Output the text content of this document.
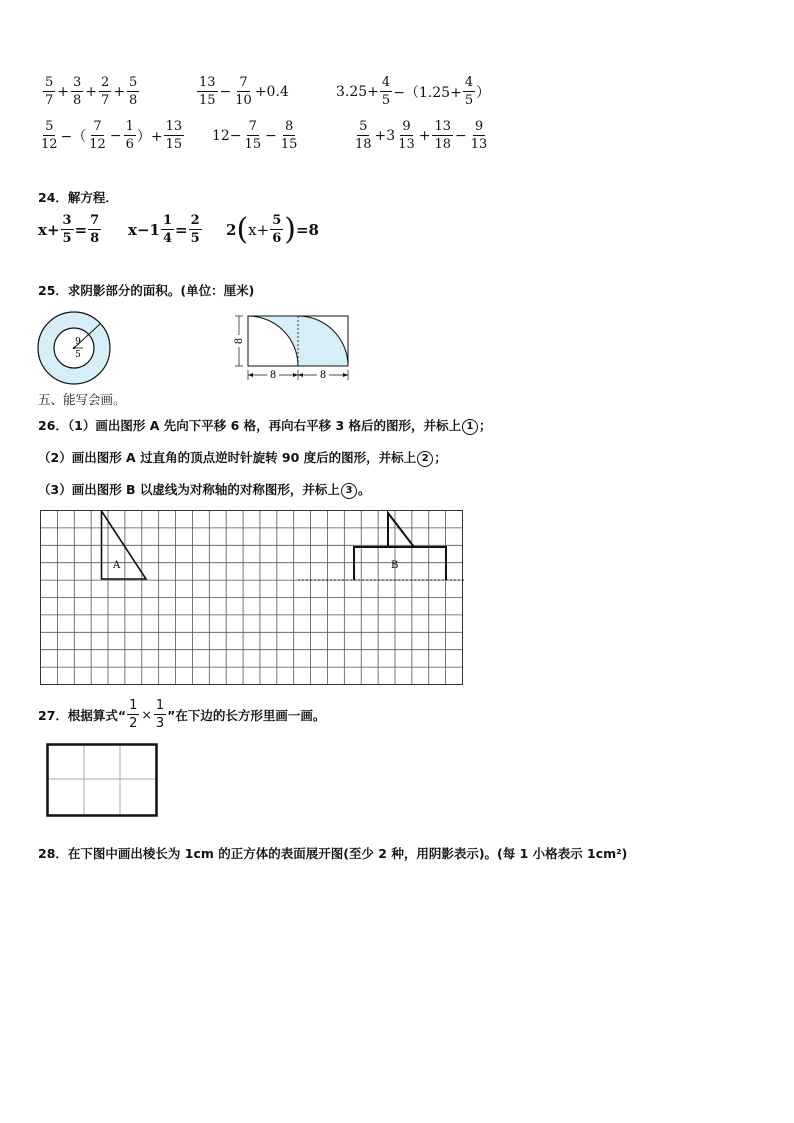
$\frac{5}{7} + \frac{3}{8} + \frac{2}{7} + \frac{5}{8}$	$\frac{13}{15} - \frac{7}{10} +0.4$	$3.25+ \frac{4}{5} -(1.25+ \frac{4}{5}$ ）
$\frac{5}{12}$ −（ $\frac{7}{12} - \frac{1}{6}$ ）+ $\frac{13}{15} 12- \frac{7}{15} - \frac{8}{15}$	$\frac{5}{18} +3 \frac{9}{13} + \frac{13}{18} - \frac{9}{13}$
24．解方程．
$x+ \frac{3}{5} = \frac{7}{8} x-1 \frac{1}{4} = \frac{2}{5} 2$ ( $x+ \frac{5}{6}$ ) =8
25．求阴影部分的面积。(单位：厘米)
9
5
8
8	8
五、能写会画。
26．（1）画出图形 A 先向下平移 6 格，再向右平移 3 格后的图形，并标上 1 ；
（2）画出图形 A 过直角的顶点逆时针旋转 90 度后的图形，并标上 2 ；
（3）画出图形 B 以虚线为对称轴的对称图形，并标上 3 。
A	B
27．根据算式“ $\frac{1}{2} \times \frac{1}{3}$ ”在下边的长方形里画一画。
28．在下图中画出棱长为 1cm 的正方体的表面展开图(至少 2 种，用阴影表示)。(每 1 小格表示 1cm²)
